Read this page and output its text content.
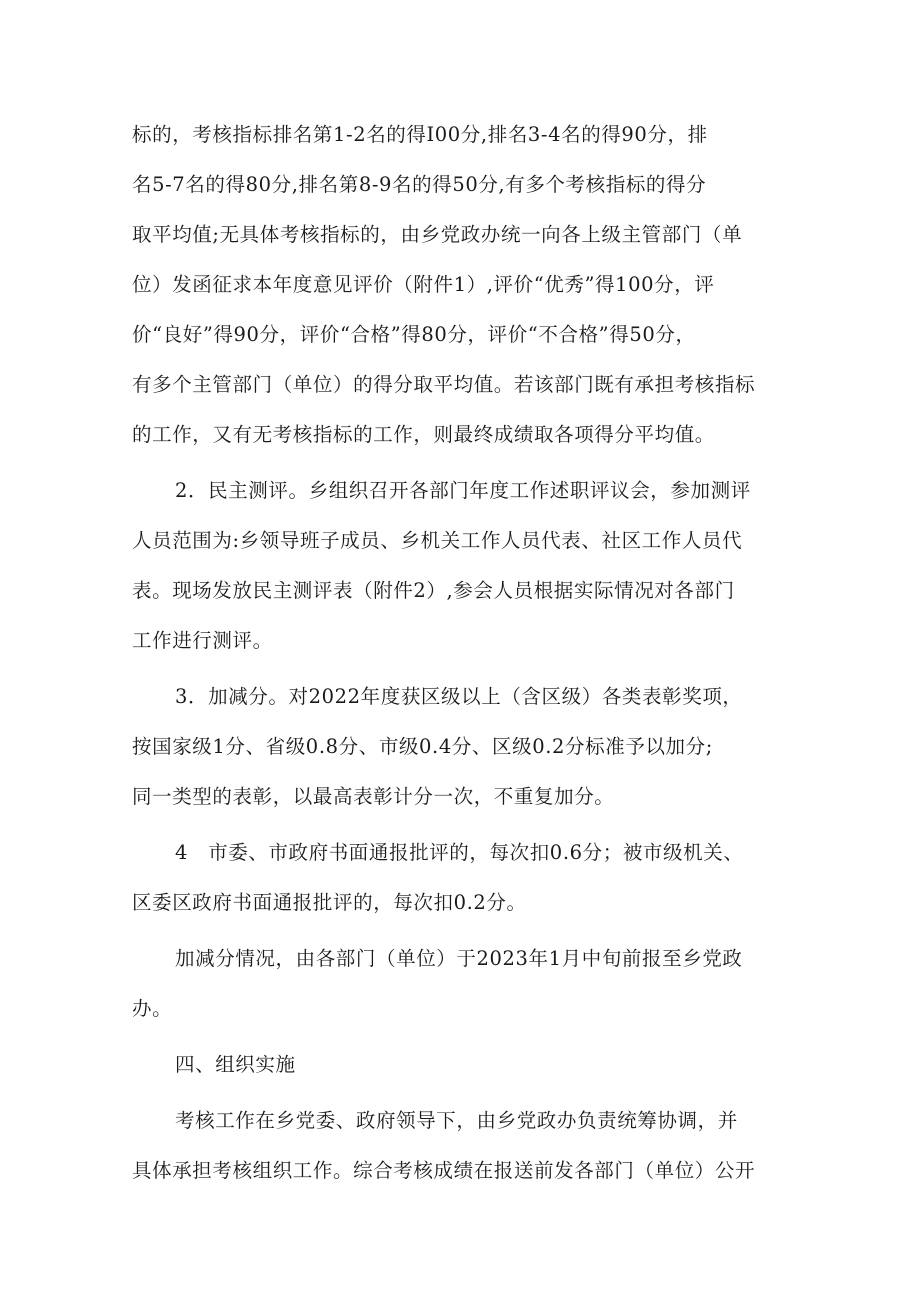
标的，考核指标排名第1-2名的得I00分,排名3-4名的得90分，排
名5-7名的得80分,排名第8-9名的得50分,有多个考核指标的得分
取平均值;无具体考核指标的，由乡党政办统一向各上级主管部门（单
位）发函征求本年度意见评价（附件1）,评价“优秀”得100分，评
价“良好”得90分，评价“合格”得80分，评价“不合格”得50分，
有多个主管部门（单位）的得分取平均值。若该部门既有承担考核指标
的工作，又有无考核指标的工作，则最终成绩取各项得分平均值。
2．民主测评。乡组织召开各部门年度工作述职评议会，参加测评
人员范围为:乡领导班子成员、乡机关工作人员代表、社区工作人员代
表。现场发放民主测评表（附件2）,参会人员根据实际情况对各部门
工作进行测评。
3．加减分。对2022年度获区级以上（含区级）各类表彰奖项，
按国家级1分、省级0.8分、市级0.4分、区级0.2分标准予以加分;
同一类型的表彰，以最高表彰计分一次，不重复加分。
4　市委、市政府书面通报批评的，每次扣0.6分；被市级机关、
区委区政府书面通报批评的，每次扣0.2分。
加减分情况，由各部门（单位）于2023年1月中旬前报至乡党政
办。
四、组织实施
考核工作在乡党委、政府领导下，由乡党政办负责统筹协调，并
具体承担考核组织工作。综合考核成绩在报送前发各部门（单位）公开
